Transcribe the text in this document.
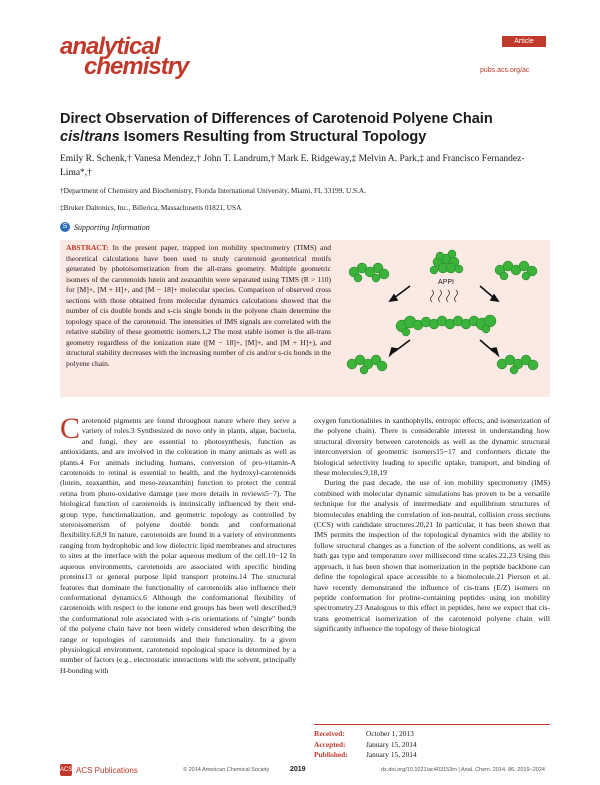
analytical
chemistry
Article
pubs.acs.org/ac
Direct Observation of Differences of Carotenoid Polyene Chain cis/trans Isomers Resulting from Structural Topology
Emily R. Schenk,† Vanesa Mendez,† John T. Landrum,† Mark E. Ridgeway,‡ Melvin A. Park,‡ and Francisco Fernandez-Lima*,†
†Department of Chemistry and Biochemistry, Florida International University, Miami, FL 33199, U.S.A.
‡Bruker Daltonics, Inc., Billerica, Massachusetts 01821, USA
S Supporting Information
ABSTRACT: In the present paper, trapped ion mobility spectrometry (TIMS) and theoretical calculations have been used to study carotenoid geometrical motifs generated by photoisomerization from the all-trans geometry. Multiple geometric isomers of the carotenoids lutein and zeaxanthin were separated using TIMS (R > 110) for [M]+, [M + H]+, and [M − 18]+ molecular species. Comparison of observed cross sections with those obtained from molecular dynamics calculations showed that the number of cis double bonds and s-cis single bonds in the polyene chain determine the topology space of the carotenoid. The intensities of IMS signals are correlated with the relative stability of these geometric isomers.1,2 The most stable isomer is the all-trans geometry regardless of the ionization state ([M − 18]+, [M]+, and [M + H]+), and structural stability decreases with the increasing number of cis and/or s-cis bonds in the polyene chain.
APPI

Carotenoid pigments are found throughout nature where they serve a variety of roles.3 Synthesized de novo only in plants, algae, bacteria, and fungi, they are essential to photosynthesis, function as antioxidants, and are involved in the coloration in many animals as well as plants.4 For animals including humans, conversion of pro-vitamin-A carotenoids to retinal is essential to health, and the hydroxyl-carotenoids (lutein, zeaxanthin, and meso-zeaxanthin) function to protect the central retina from photo-oxidative damage (see more details in reviews5−7). The biological function of carotenoids is intrinsically influenced by their end-group type, functionalization, and geometric topology as controlled by stereoisomerism of polyene double bonds and conformational flexibility.6,8,9 In nature, carotenoids are found in a variety of environments ranging from hydrophobic and low dielectric lipid membranes and structures to sites at the interface with the polar aqueous medium of the cell.10−12 In aqueous environments, carotenoids are associated with specific binding proteins13 or general purpose lipid transport proteins.14 The structural features that dominate the functionality of carotenoids also influence their conformational dynamics.6 Although the conformational flexibility of carotenoids with respect to the ionone end groups has been well described,9 the conformational role associated with s-cis orientations of "single" bonds of the polyene chain have not been widely considered when describing the range or topologies of carotenoids and their functionality. In a given physiological environment, carotenoid topological space is determined by a number of factors (e.g., electrostatic interactions with the solvent, principally H-bonding with

oxygen functionalities in xanthophylls, entropic effects, and isomerization of the polyene chain). There is considerable interest in understanding how structural diversity between carotenoids as well as the dynamic structural interconversion of geometric isomers15−17 and conformers dictate the biological selectivity leading to specific uptake, transport, and binding of these molecules.9,18,19

During the past decade, the use of ion mobility spectrometry (IMS) combined with molecular dynamic simulations has proven to be a versatile technique for the analysis of intermediate and equilibrium structures of biomolecules enabling the correlation of ion-neutral, collision cross sections (CCS) with candidate structures.20,21 In particular, it has been shown that IMS permits the inspection of the topological dynamics with the ability to follow structural changes as a function of the solvent conditions, as well as bath gas type and temperature over millisecond time scales.22,23 Using this approach, it has been shown that isomerization in the peptide backbone can define the topological space accessible to a biomolecule.21 Pierson et al. have recently demonstrated the influence of cis-trans (E/Z) isomers on peptide conformation for proline-containing peptides using ion mobility spectrometry.23 Analogous to this effect in peptides, here we expect that cis-trans geometrical isomerization of the carotenoid polyene chain will significantly influence the topology of these biological

Received:	October 1, 2013
Accepted:	January 15, 2014
Published: January 15, 2014
ACS ACS Publications	© 2014 American Chemical Society	2019	dx.doi.org/10.1021/ac403153m | Anal. Chem. 2014, 86, 2019−2024
